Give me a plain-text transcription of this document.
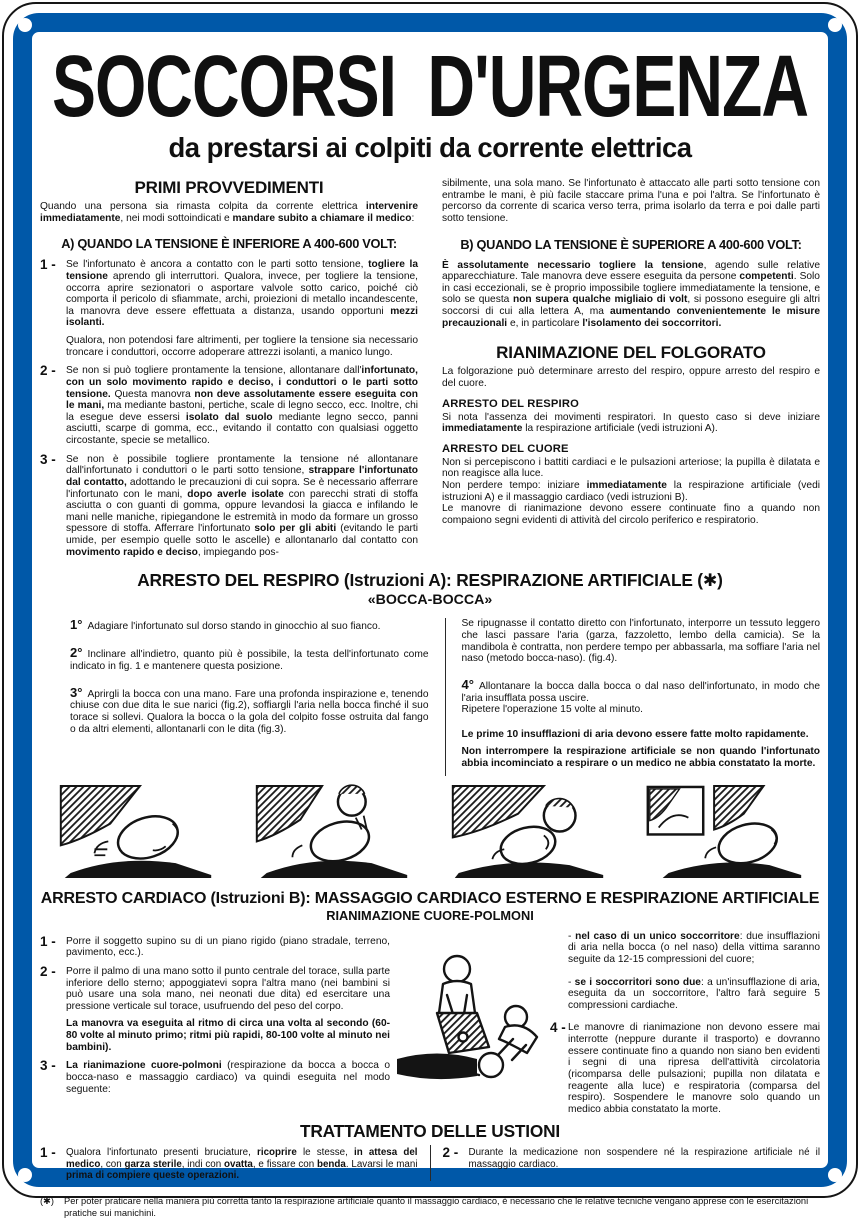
SOCCORSI D'URGENZA
da prestarsi ai colpiti da corrente elettrica
PRIMI PROVVEDIMENTI

Quando una persona sia rimasta colpita da corrente elettrica intervenire immediatamente, nei modi sottoindicati e mandare subito a chiamare il medico:

A) QUANDO LA TENSIONE È INFERIORE A 400-600 VOLT:
1 -	Se l'infortunato è ancora a contatto con le parti sotto tensione, togliere la tensione aprendo gli interruttori. Qualora, invece, per togliere la tensione, occorra aprire sezionatori o asportare valvole sotto carico, poiché ciò comporta il pericolo di sfiammate, archi, proiezioni di metallo incandescente, la manovra deve essere effettuata a distanza, usando opportuni mezzi isolanti.

Qualora, non potendosi fare altrimenti, per togliere la tensione sia necessario troncare i conduttori, occorre adoperare attrezzi isolanti, a manico lungo.

2 -	Se non si può togliere prontamente la tensione, allontanare dall'infortunato, con un solo movimento rapido e deciso, i conduttori o le parti sotto tensione. Questa manovra non deve assolutamente essere eseguita con le mani, ma mediante bastoni, pertiche, scale di legno secco, ecc. Inoltre, chi la esegue deve essersi isolato dal suolo mediante legno secco, panni asciutti, scarpe di gomma, ecc., evitando il contatto con qualsiasi oggetto circostante, specie se metallico.

3 -	Se non è possibile togliere prontamente la tensione né allontanare dall'infortunato i conduttori o le parti sotto tensione, strappare l'infortunato dal contatto, adottando le precauzioni di cui sopra. Se è necessario afferrare l'infortunato con le mani, dopo averle isolate con parecchi strati di stoffa asciutta o con guanti di gomma, oppure levandosi la giacca e infilando le mani nelle maniche, ripiegandone le estremità in modo da formare un grosso spessore di stoffa. Afferrare l'infortunato solo per gli abiti (evitando le parti umide, per esempio quelle sotto le ascelle) e allontanarlo dal contatto con movimento rapido e deciso, impiegando pos-

sibilmente, una sola mano. Se l'infortunato è attaccato alle parti sotto tensione con entrambe le mani, è più facile staccare prima l'una e poi l'altra. Se l'infortunato è percorso da corrente di scarica verso terra, prima isolarlo da terra e poi dalle parti sotto tensione.

B) QUANDO LA TENSIONE È SUPERIORE A 400-600 VOLT:

È assolutamente necessario togliere la tensione, agendo sulle relative apparecchiature. Tale manovra deve essere eseguita da persone competenti. Solo in casi eccezionali, se è proprio impossibile togliere immediatamente la tensione, e solo se questa non supera qualche migliaio di volt, si possono eseguire gli altri soccorsi di cui alla lettera A, ma aumentando convenientemente le misure precauzionali e, in particolare l'isolamento dei soccorritori.

RIANIMAZIONE DEL FOLGORATO

La folgorazione può determinare arresto del respiro, oppure arresto del respiro e del cuore.

ARRESTO DEL RESPIRO

Si nota l'assenza dei movimenti respiratori. In questo caso si deve iniziare immediatamente la respirazione artificiale (vedi istruzioni A).

ARRESTO DEL CUORE

Non si percepiscono i battiti cardiaci e le pulsazioni arteriose; la pupilla è dilatata e non reagisce alla luce.

Non perdere tempo: iniziare immediatamente la respirazione artificiale (vedi istruzioni A) e il massaggio cardiaco (vedi istruzioni B).

Le manovre di rianimazione devono essere continuate fino a quando non compaiono segni evidenti di attività del circolo periferico e respiratorio.

ARRESTO DEL RESPIRO (Istruzioni A): RESPIRAZIONE ARTIFICIALE (✱)
«BOCCA-BOCCA»

1° Adagiare l'infortunato sul dorso stando in ginocchio al suo fianco.

2° Inclinare all'indietro, quanto più è possibile, la testa dell'infortunato come indicato in fig. 1 e mantenere questa posizione.

3° Aprirgli la bocca con una mano. Fare una profonda inspirazione e, tenendo chiuse con due dita le sue narici (fig.2), soffiargli l'aria nella bocca finché il suo torace si sollevi. Qualora la bocca o la gola del colpito fosse ostruita dal fango o da altri elementi, allontanarli con le dita (fig.3).

Se ripugnasse il contatto diretto con l'infortunato, interporre un tessuto leggero che lasci passare l'aria (garza, fazzoletto, lembo della camicia). Se la mandibola è contratta, non perdere tempo per abbassarla, ma soffiare l'aria nel naso (metodo bocca-naso). (fig.4).

4° Allontanare la bocca dalla bocca o dal naso dell'infortunato, in modo che l'aria insufflata possa uscire.
Ripetere l'operazione 15 volte al minuto.

Le prime 10 insufflazioni di aria devono essere fatte molto rapidamente.

Non interrompere la respirazione artificiale se non quando l'infortunato abbia incominciato a respirare o un medico ne abbia constatato la morte.

ARRESTO CARDIACO (Istruzioni B): MASSAGGIO CARDIACO ESTERNO E RESPIRAZIONE ARTIFICIALE
RIANIMAZIONE CUORE-POLMONI
1 -	Porre il soggetto supino su di un piano rigido (piano stradale, terreno, pavimento, ecc.).

2 -	Porre il palmo di una mano sotto il punto centrale del torace, sulla parte inferiore dello sterno; appoggiatevi sopra l'altra mano (nei bambini si può usare una sola mano, nei neonati due dita) ed esercitare una pressione verticale sul torace, usufruendo del peso del corpo.

La manovra va eseguita al ritmo di circa una volta al secondo (60-80 volte al minuto primo; ritmi più rapidi, 80-100 volte al minuto nei bambini).

3 -	La rianimazione cuore-polmoni (respirazione da bocca a bocca o bocca-naso e massaggio cardiaco) va quindi eseguita nel modo seguente:

- nel caso di un unico soccorritore: due insufflazioni di aria nella bocca (o nel naso) della vittima saranno seguite da 12-15 compressioni del cuore;

- se i soccorritori sono due: a un'insufflazione di aria, eseguita da un soccorritore, l'altro farà seguire 5 compressioni cardiache.

4 - Le manovre di rianimazione non devono essere mai interrotte (neppure durante il trasporto) e dovranno essere continuate fino a quando non siano ben evidenti i segni di una ripresa dell'attività circolatoria (ricomparsa delle pulsazioni; pupilla non dilatata e reagente alla luce) e respiratoria (comparsa del respiro). Sospendere le manovre solo quando un medico abbia constatato la morte.

TRATTAMENTO DELLE USTIONI
1 -	Qualora l'infortunato presenti bruciature, ricoprire le stesse, in attesa del medico, con garza sterile, indi con ovatta, e fissare con benda. Lavarsi le mani prima di compiere queste operazioni.

2 -	Durante la medicazione non sospendere né la respirazione artificiale né il massaggio cardiaco.

(✱)	Per poter praticare nella maniera più corretta tanto la respirazione artificiale quanto il massaggio cardiaco, è necessario che le relative tecniche vengano apprese con le esercitazioni pratiche sui manichini.
